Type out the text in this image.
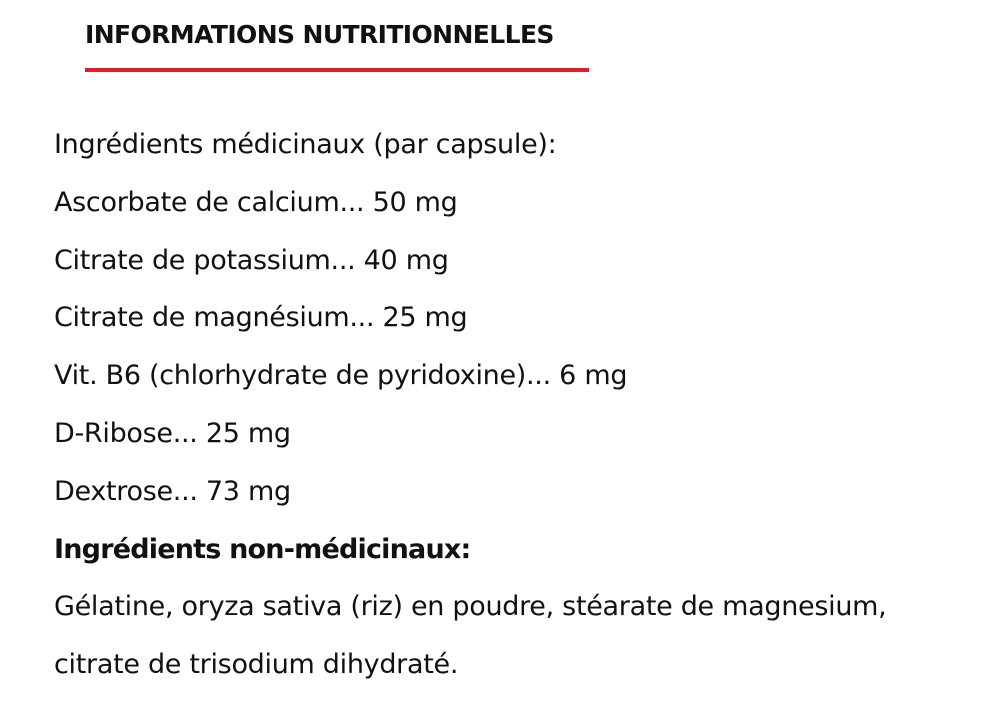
INFORMATIONS NUTRITIONNELLES
Ingrédients médicinaux (par capsule):
Ascorbate de calcium... 50 mg
Citrate de potassium... 40 mg
Citrate de magnésium... 25 mg
Vit. B6 (chlorhydrate de pyridoxine)... 6 mg
D-Ribose... 25 mg
Dextrose... 73 mg
Ingrédients non-médicinaux:
Gélatine, oryza sativa (riz) en poudre, stéarate de magnesium,
citrate de trisodium dihydraté.
